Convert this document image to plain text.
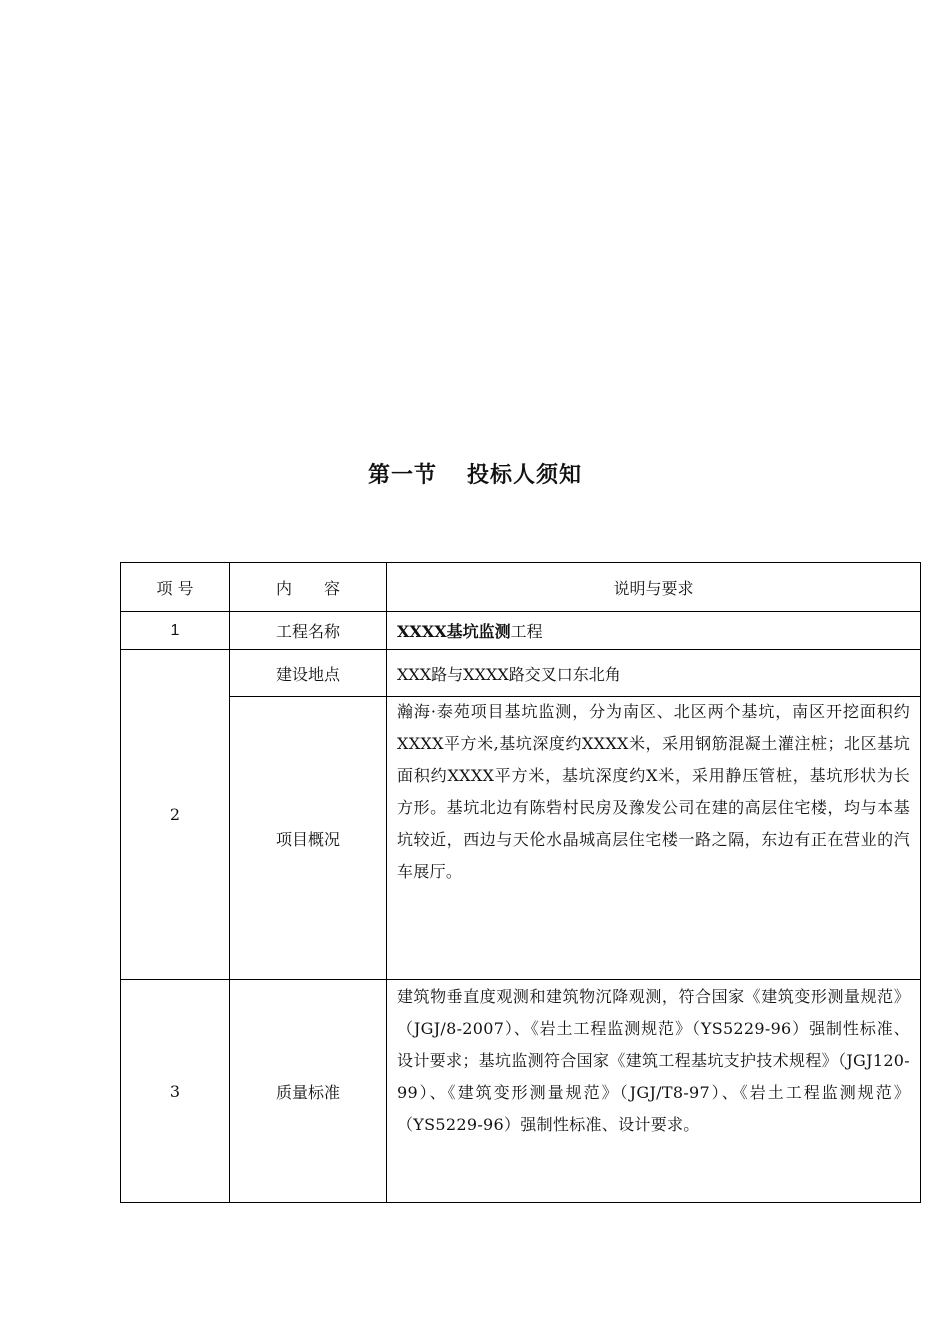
第一节 投标人须知
项 号	内　　容	说明与要求
1	工程名称	XXXX基坑监测工程
2	建设地点	XXX路与XXXX路交叉口东北角
	项目概况	瀚海·泰苑项目基坑监测，分为南区、北区两个基坑，南区开挖面积约XXXX平方米,基坑深度约XXXX米，采用钢筋混凝土灌注桩；北区基坑面积约XXXX平方米，基坑深度约X米，采用静压管桩，基坑形状为长方形。基坑北边有陈砦村民房及豫发公司在建的高层住宅楼，均与本基坑较近，西边与天伦水晶城高层住宅楼一路之隔，东边有正在营业的汽车展厅。

3	质量标准	建筑物垂直度观测和建筑物沉降观测，符合国家《建筑变形测量规范》（JGJ/8-2007）、《岩土工程监测规范》（YS5229-96）强制性标准、设计要求；基坑监测符合国家《建筑工程基坑支护技术规程》（JGJ120-99）、《建筑变形测量规范》（JGJ/T8-97）、《岩土工程监测规范》（YS5229-96）强制性标准、设计要求。
